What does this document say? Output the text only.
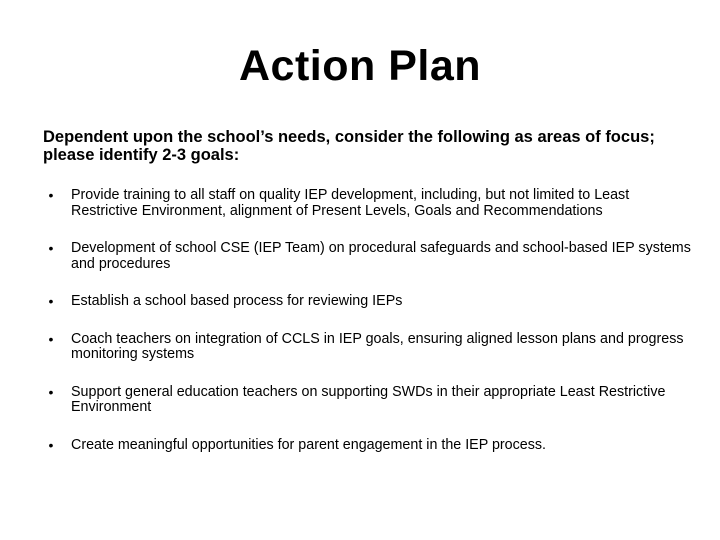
Action Plan

Dependent upon the school’s needs, consider the following as areas of focus; please identify 2-3 goals:

•	Provide training to all staff on quality IEP development, including, but not limited to Least Restrictive Environment, alignment of Present Levels, Goals and Recommendations
•	Development of school CSE (IEP Team) on procedural safeguards and school-based IEP systems and procedures
•	Establish a school based process for reviewing IEPs
•	Coach teachers on integration of CCLS in IEP goals, ensuring aligned lesson plans and progress monitoring systems
•	Support general education teachers on supporting SWDs in their appropriate Least Restrictive Environment
•	Create meaningful opportunities for parent engagement in the IEP process.
